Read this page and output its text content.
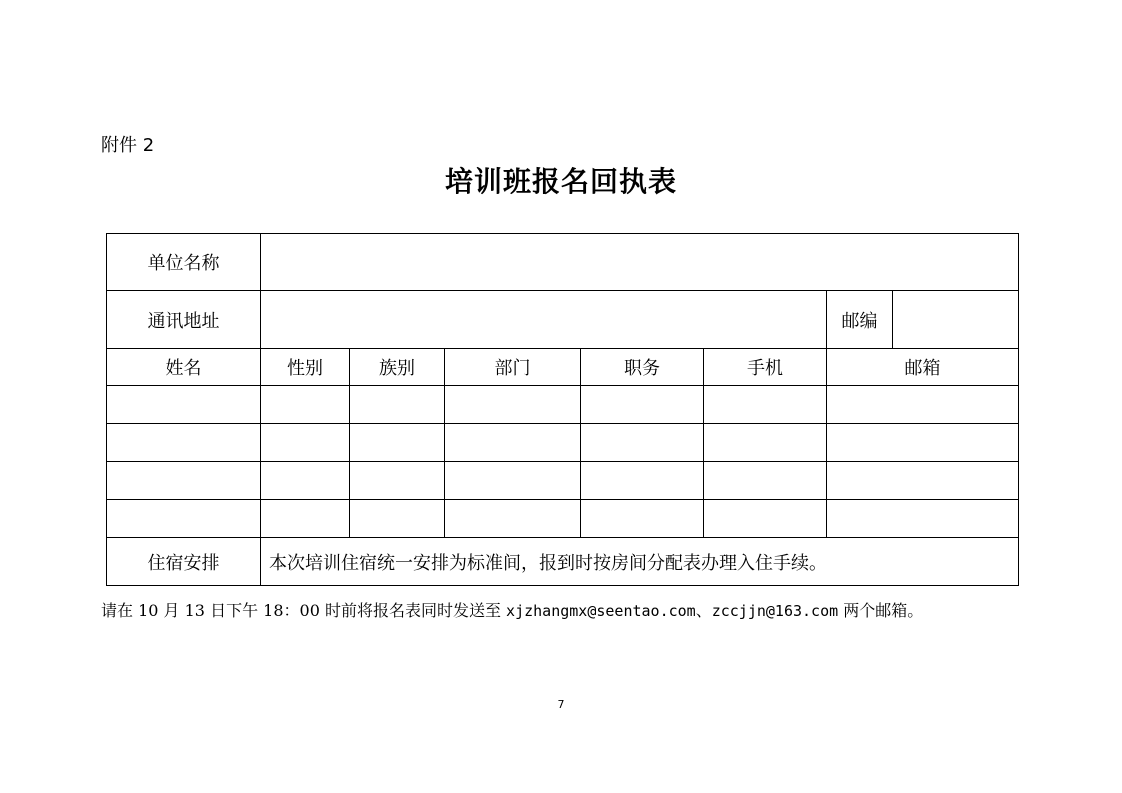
附件 2
培训班报名回执表
单位名称							
通讯地址						邮编	
姓名	性别	族别	部门	职务	手机	邮箱	

住宿安排	本次培训住宿统一安排为标准间，报到时按房间分配表办理入住手续。						
请在 10 月 13 日下午 18：00 时前将报名表同时发送至 xjzhangmx@seentao.com、zccjjn@163.com 两个邮箱。
7
